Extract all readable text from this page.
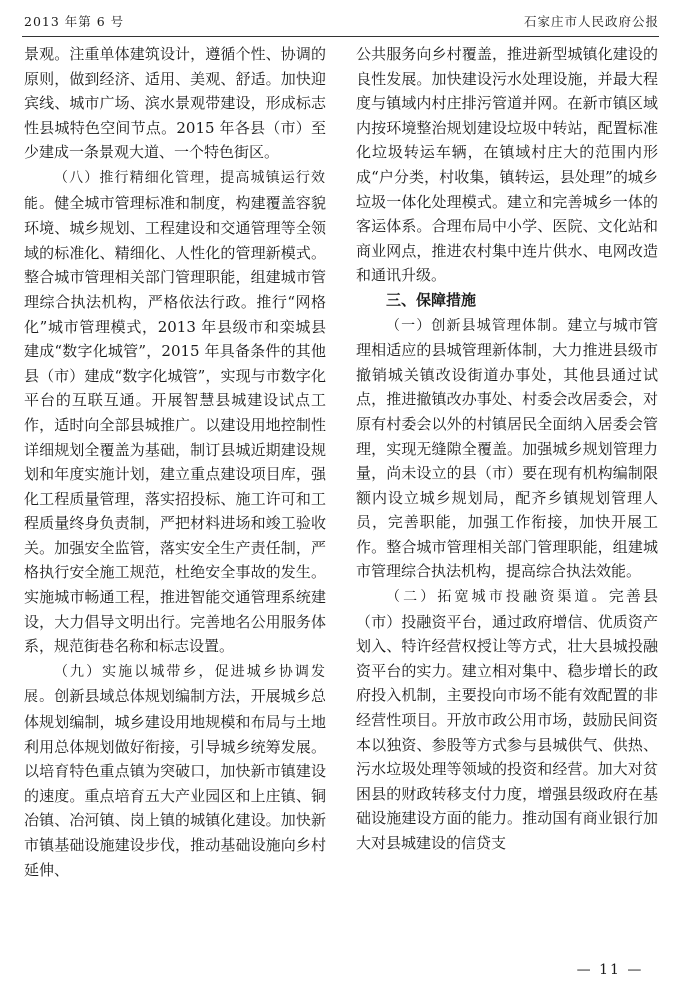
2013 年第 6 号	石家庄市人民政府公报

景观。注重单体建筑设计，遵循个性、协调的原则，做到经济、适用、美观、舒适。加快迎宾线、城市广场、滨水景观带建设，形成标志性县城特色空间节点。2015 年各县（市）至少建成一条景观大道、一个特色街区。

（八）推行精细化管理，提高城镇运行效能。健全城市管理标准和制度，构建覆盖容貌环境、城乡规划、工程建设和交通管理等全领域的标准化、精细化、人性化的管理新模式。整合城市管理相关部门管理职能，组建城市管理综合执法机构，严格依法行政。推行“网格化”城市管理模式，2013 年县级市和栾城县建成“数字化城管”，2015 年具备条件的其他县（市）建成“数字化城管”，实现与市数字化平台的互联互通。开展智慧县城建设试点工作，适时向全部县城推广。以建设用地控制性详细规划全覆盖为基础，制订县城近期建设规划和年度实施计划，建立重点建设项目库，强化工程质量管理，落实招投标、施工许可和工程质量终身负责制，严把材料进场和竣工验收关。加强安全监管，落实安全生产责任制，严格执行安全施工规范，杜绝安全事故的发生。实施城市畅通工程，推进智能交通管理系统建设，大力倡导文明出行。完善地名公用服务体系，规范街巷名称和标志设置。

（九）实施以城带乡，促进城乡协调发展。创新县域总体规划编制方法，开展城乡总体规划编制，城乡建设用地规模和布局与土地利用总体规划做好衔接，引导城乡统筹发展。以培育特色重点镇为突破口，加快新市镇建设的速度。重点培育五大产业园区和上庄镇、铜冶镇、冶河镇、岗上镇的城镇化建设。加快新市镇基础设施建设步伐，推动基础设施向乡村延伸、

公共服务向乡村覆盖，推进新型城镇化建设的良性发展。加快建设污水处理设施，并最大程度与镇域内村庄排污管道并网。在新市镇区域内按环境整治规划建设垃圾中转站，配置标准化垃圾转运车辆，在镇域村庄大的范围内形成“户分类，村收集，镇转运，县处理”的城乡垃圾一体化处理模式。建立和完善城乡一体的客运体系。合理布局中小学、医院、文化站和商业网点，推进农村集中连片供水、电网改造和通讯升级。

三、保障措施

（一）创新县城管理体制。建立与城市管理相适应的县城管理新体制，大力推进县级市撤销城关镇改设街道办事处，其他县通过试点，推进撤镇改办事处、村委会改居委会，对原有村委会以外的村镇居民全面纳入居委会管理，实现无缝隙全覆盖。加强城乡规划管理力量，尚未设立的县（市）要在现有机构编制限额内设立城乡规划局，配齐乡镇规划管理人员，完善职能，加强工作衔接，加快开展工作。整合城市管理相关部门管理职能，组建城市管理综合执法机构，提高综合执法效能。

（二）拓宽城市投融资渠道。完善县（市）投融资平台，通过政府增信、优质资产划入、特许经营权授让等方式，壮大县城投融资平台的实力。建立相对集中、稳步增长的政府投入机制，主要投向市场不能有效配置的非经营性项目。开放市政公用市场，鼓励民间资本以独资、参股等方式参与县城供气、供热、污水垃圾处理等领域的投资和经营。加大对贫困县的财政转移支付力度，增强县级政府在基础设施建设方面的能力。推动国有商业银行加大对县城建设的信贷支

— 11 —
